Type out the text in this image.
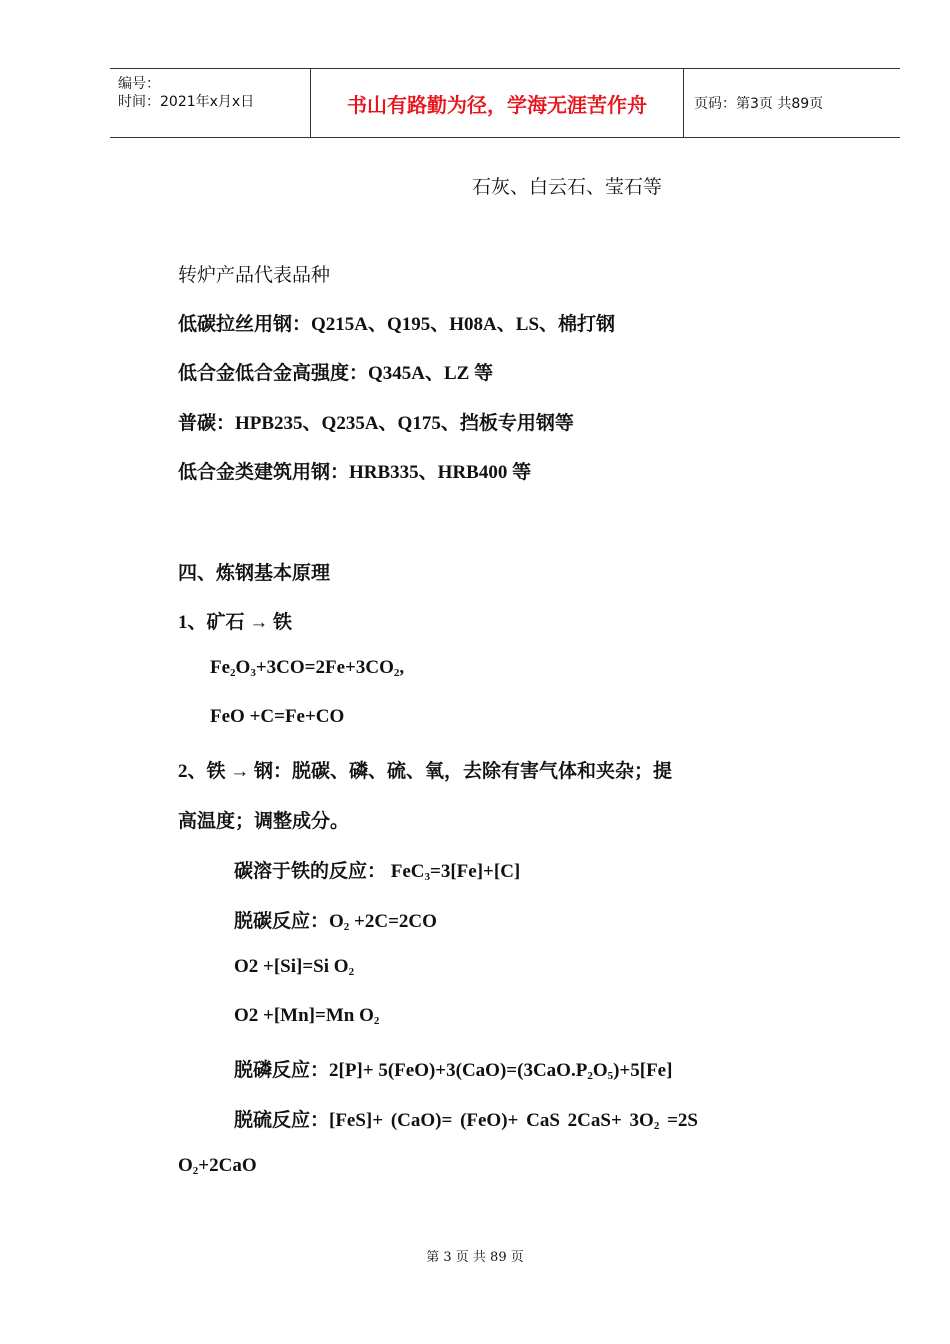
编号：
时间：2021年x月x日	书山有路勤为径，学海无涯苦作舟	页码：第3页 共89页
石灰、白云石、莹石等
转炉产品代表品种
低碳拉丝用钢：Q215A、Q195、H08A、LS、棉打钢
低合金低合金高强度：Q345A、LZ 等
普碳：HPB235、Q235A、Q175、挡板专用钢等
低合金类建筑用钢：HRB335、HRB400 等
四、炼钢基本原理
1、矿石 → 铁
$Fe_2O_3+3CO=2Fe+3CO_2$,
FeO +C=Fe+CO
2、铁 → 钢：脱碳、磷、硫、氧，去除有害气体和夹杂；提
高温度；调整成分。
碳溶于铁的反应： FeC$_3$=3[Fe]+[C]
脱碳反应：$O_2 +2C=2CO$
O2 +[Si]=Si $O_2$
O2 +[Mn]=Mn $O_2$
脱磷反应：$2[P]+ 5(FeO)+3(CaO)=(3CaO.P_2O_5)+5[Fe]$
脱硫反应：[FeS]+ (CaO)= (FeO)+ CaS $2CaS+ 3O_2 =2S$
$O_2+2CaO$
第 3 页 共 89 页
